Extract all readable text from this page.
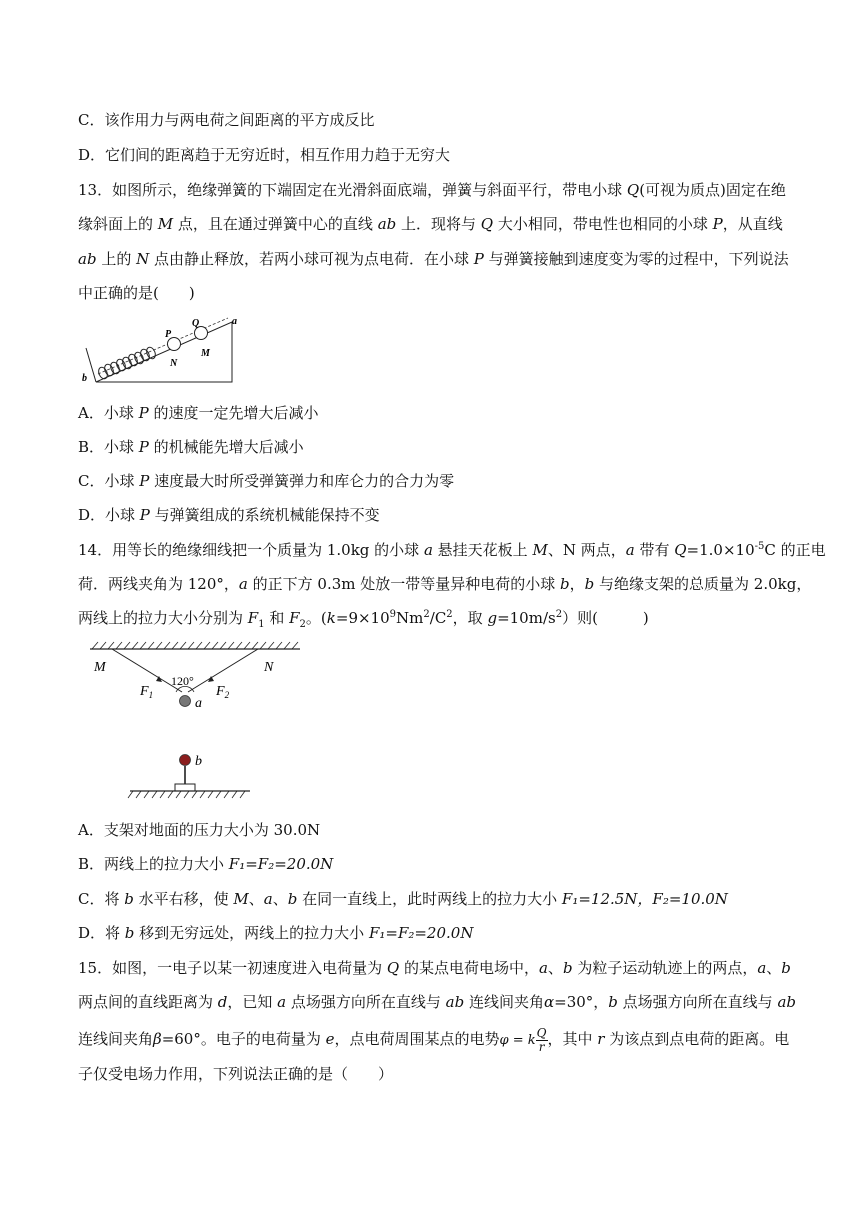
C．该作用力与两电荷之间距离的平方成反比
D．它们间的距离趋于无穷近时，相互作用力趋于无穷大
13．如图所示，绝缘弹簧的下端固定在光滑斜面底端，弹簧与斜面平行，带电小球 Q(可视为质点)固定在绝
缘斜面上的 M 点，且在通过弹簧中心的直线 ab 上．现将与 Q 大小相同，带电性也相同的小球 P，从直线
ab 上的 N 点由静止释放，若两小球可视为点电荷．在小球 P 与弹簧接触到速度变为零的过程中，下列说法
中正确的是(　　)
P
Q	a
N
M
b
A．小球 P 的速度一定先增大后减小
B．小球 P 的机械能先增大后减小
C．小球 P 速度最大时所受弹簧弹力和库仑力的合力为零
D．小球 P 与弹簧组成的系统机械能保持不变
14．用等长的绝缘细线把一个质量为 1.0kg 的小球 a 悬挂天花板上 M、N 两点，a 带有 $Q=1.0\times 10^{-5}C$ 的正电
荷．两线夹角为 120°，a 的正下方 0.3m 处放一带等量异种电荷的小球 b，b 与绝缘支架的总质量为 2.0kg，
两线上的拉力大小分别为 $F_1$ 和 $F_2$。($k=9\times 10^9Nm^2/C^2$，取 $g=10m/s^2$）则(　　　)
M	N
120°
$F_1$	$F_2$
a
b
A．支架对地面的压力大小为 30.0N
B．两线上的拉力大小 F₁=F₂=20.0N
C．将 b 水平右移，使 M、a、b 在同一直线上，此时两线上的拉力大小 F₁=12.5N，F₂=10.0N
D．将 b 移到无穷远处，两线上的拉力大小 F₁=F₂=20.0N
15．如图，一电子以某一初速度进入电荷量为 Q 的某点电荷电场中，a、b 为粒子运动轨迹上的两点，a、b
两点间的直线距离为 d，已知 a 点场强方向所在直线与 ab 连线间夹角α=30°，b 点场强方向所在直线与 ab
连线间夹角β=60°。电子的电荷量为 e，点电荷周围某点的电势φ = k $\frac{Q}{r}$ ，其中 r 为该点到点电荷的距离。电
子仅受电场力作用，下列说法正确的是（　　）
